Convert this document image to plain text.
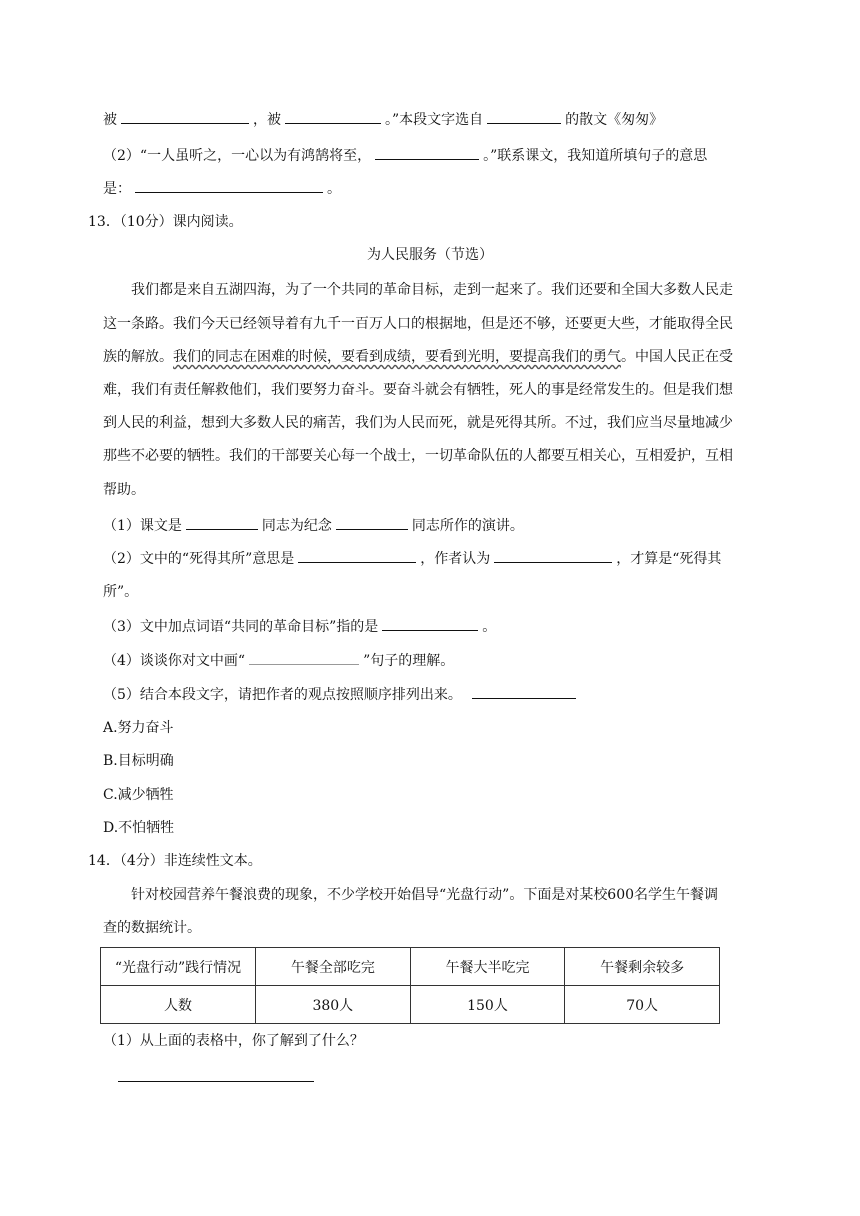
被	，被	。”本段文字选自	的散文《匆匆》
（2）“一人虽听之，一心以为有鸿鹄将至，	。”联系课文，我知道所填句子的意思
是：	。
13．（10分）课内阅读。
为人民服务（节选）
我们都是来自五湖四海，为了一个共同的革命目标，走到一起来了。我们还要和全国大多数人民走
这一条路。我们今天已经领导着有九千一百万人口的根据地，但是还不够，还要更大些，才能取得全民
族的解放。我们的同志在困难的时候，要看到成绩，要看到光明，要提高我们的勇气。中国人民正在受
难，我们有责任解救他们，我们要努力奋斗。要奋斗就会有牺牲，死人的事是经常发生的。但是我们想
到人民的利益，想到大多数人民的痛苦，我们为人民而死，就是死得其所。不过，我们应当尽量地减少
那些不必要的牺牲。我们的干部要关心每一个战士，一切革命队伍的人都要互相关心，互相爱护，互相
帮助。
（1）课文是	同志为纪念	同志所作的演讲。
（2）文中的“死得其所”意思是	，作者认为	，才算是“死得其
所”。
（3）文中加点词语“共同的革命目标”指的是	。
（4）谈谈你对文中画“	”句子的理解。
（5）结合本段文字，请把作者的观点按照顺序排列出来。
A.努力奋斗
B.目标明确
C.减少牺牲
D.不怕牺牲
14．（4分）非连续性文本。
针对校园营养午餐浪费的现象，不少学校开始倡导“光盘行动”。下面是对某校600名学生午餐调
查的数据统计。
“光盘行动”践行情况	午餐全部吃完	午餐大半吃完	午餐剩余较多
人数	380人	150人	70人
（1）从上面的表格中，你了解到了什么？
